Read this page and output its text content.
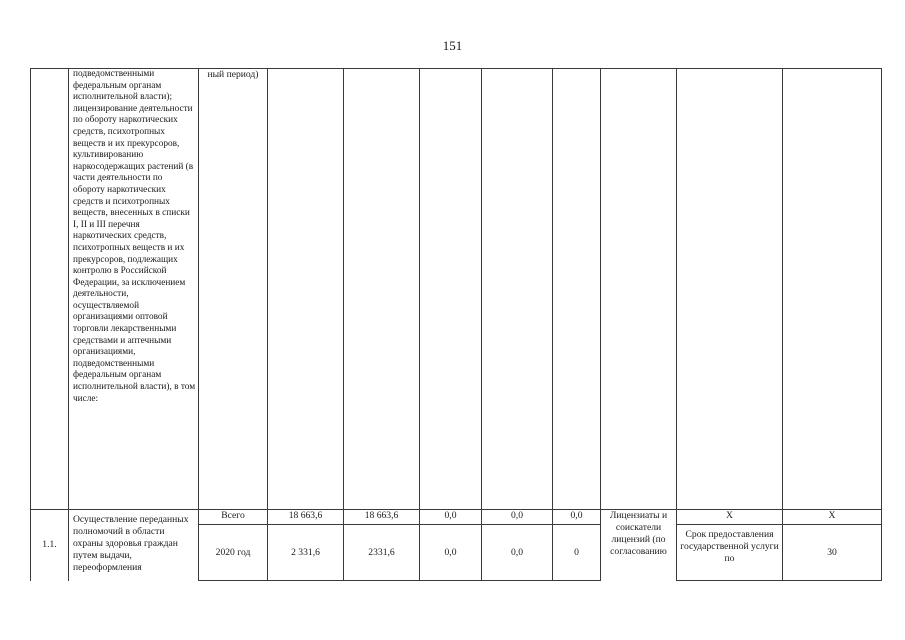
151
	подведомственными федеральным органам исполнительной власти); лицензирование деятельности по обороту наркотических средств, психотропных веществ и их прекурсоров, культивированию наркосодержащих растений (в части деятельности по обороту наркотических средств и психотропных веществ, внесенных в списки I, II и III перечня наркотических средств, психотропных веществ и их прекурсоров, подлежащих контролю в Российской Федерации, за исключением деятельности, осуществляемой организациями оптовой торговли лекарственными средствами и аптечными организациями, подведомственными федеральным органам исполнительной власти), в том числе:	ный период)								
1.1.	Осуществление переданных полномочий в области охраны здоровья граждан путем выдачи, переоформления	Всего	18 663,6	18 663,6	0,0	0,0	0,0	Лицензиаты и соискатели лицензий (по согласованию	Х	Х
		2020 год	2 331,6	2331,6	0,0	0,0	0		Срок предоставления государственной услуги по	30
